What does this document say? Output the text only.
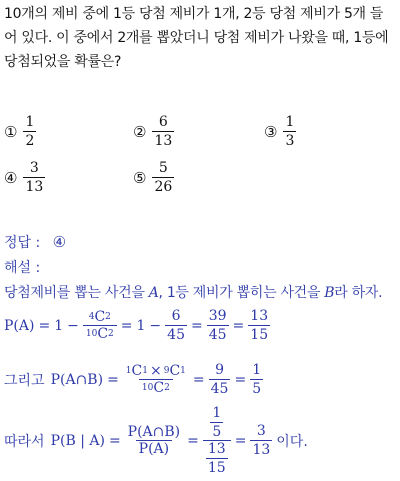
10개의 제비 중에 1등 당첨 제비가 1개, 2등 당첨 제비가 5개 들
어 있다. 이 중에서 2개를 뽑았더니 당첨 제비가 나왔을 때, 1등에
당첨되었을 확률은?
① $\frac{1}{2}$	② $\frac{6}{13}$	③ $\frac{1}{3}$
④ $\frac{3}{13}$	⑤ $\frac{5}{26}$
정답 : ④
해설 :
당첨제비를 뽑는 사건을 A, 1등 제비가 뽑히는 사건을 B라 하자.
$P(A) = 1 - \frac{4 C 2}{10 C 2} = 1 - \frac{6}{45} = \frac{39}{45} = \frac{13}{15}$
그리고 P(A∩B) = $\frac{1 C 1 \times 9 C 1}{10 C 2} = \frac{9}{45} = \frac{1}{5}$
따라서 P(B | $A) = \frac{P(A\cap B)}{P(A)} = \frac{\frac{1}{5}}{\frac{13}{15}} = \frac{3}{13}$ 이다.
